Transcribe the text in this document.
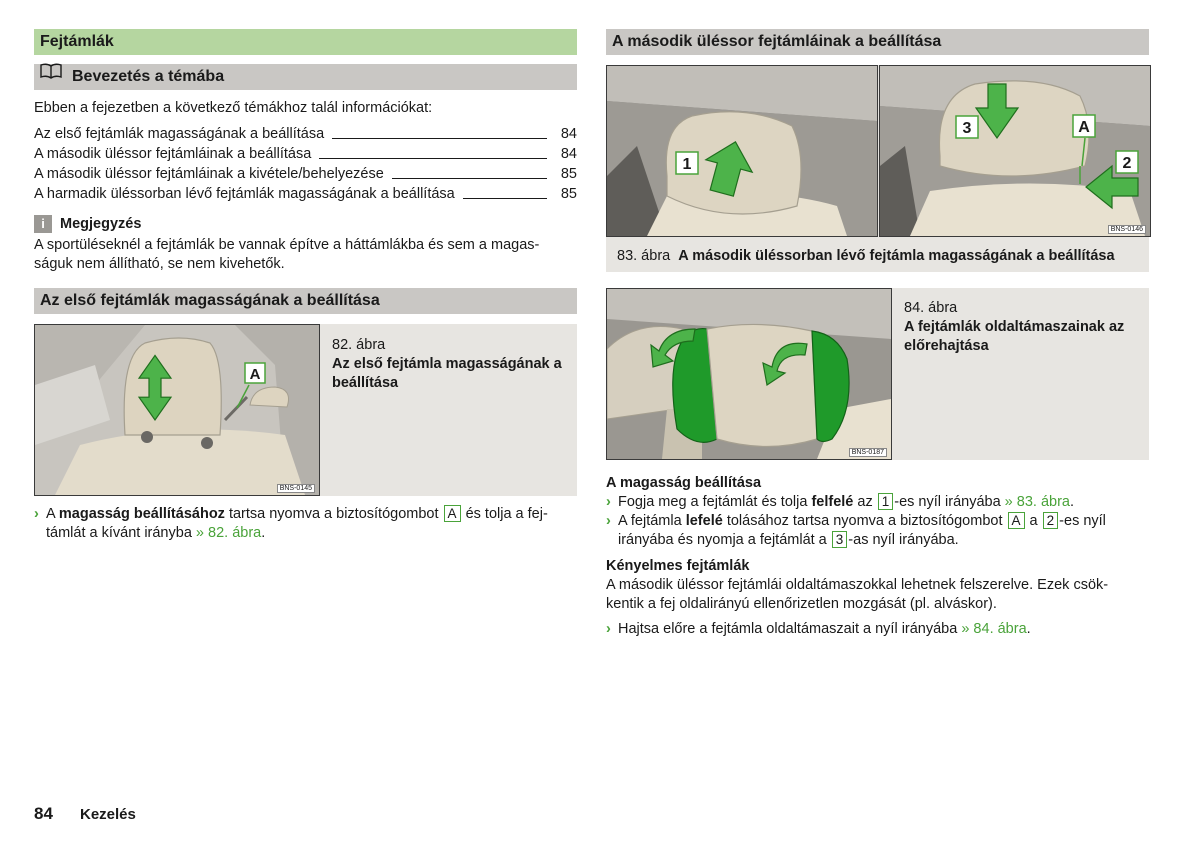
Fejtámlák
Bevezetés a témába
Ebben a fejezetben a következő témákhoz talál információkat:
Az első fejtámlák magasságának a beállítása	84
A második üléssor fejtámláinak a beállítása	84
A második üléssor fejtámláinak a kivétele/behelyezése	85
A harmadik üléssorban lévő fejtámlák magasságának a beállítása	85
i	Megjegyzés
A sportüléseknél a fejtámlák be vannak építve a háttámlákba és sem a magas-
ságuk nem állítható, se nem kivehetők.
Az első fejtámlák magasságának a beállítása
A
BNS-0145
82. ábra
Az első fejtámla magasságának a beállítása
› A magasság beállításához tartsa nyomva a biztosítógombot A és tolja a fej-
támlát a kívánt irányba » 82. ábra.
A második üléssor fejtámláinak a beállítása
1
3	A
2
BNS-0146
83. ábra A második üléssorban lévő fejtámla magasságának a beállítása
BNS-0187
84. ábra
A fejtámlák oldaltámaszainak az
előrehajtása
A magasság beállítása
› Fogja meg a fejtámlát és tolja felfelé az 1 -es nyíl irányába » 83. ábra.
› A fejtámla lefelé tolásához tartsa nyomva a biztosítógombot A a 2 -es nyíl
irányába és nyomja a fejtámlát a 3 -as nyíl irányába.
Kényelmes fejtámlák
A második üléssor fejtámlái oldaltámaszokkal lehetnek felszerelve. Ezek csök-
kentik a fej oldalirányú ellenőrizetlen mozgását (pl. alváskor).
› Hajtsa előre a fejtámla oldaltámaszait a nyíl irányába » 84. ábra.
84 Kezelés
